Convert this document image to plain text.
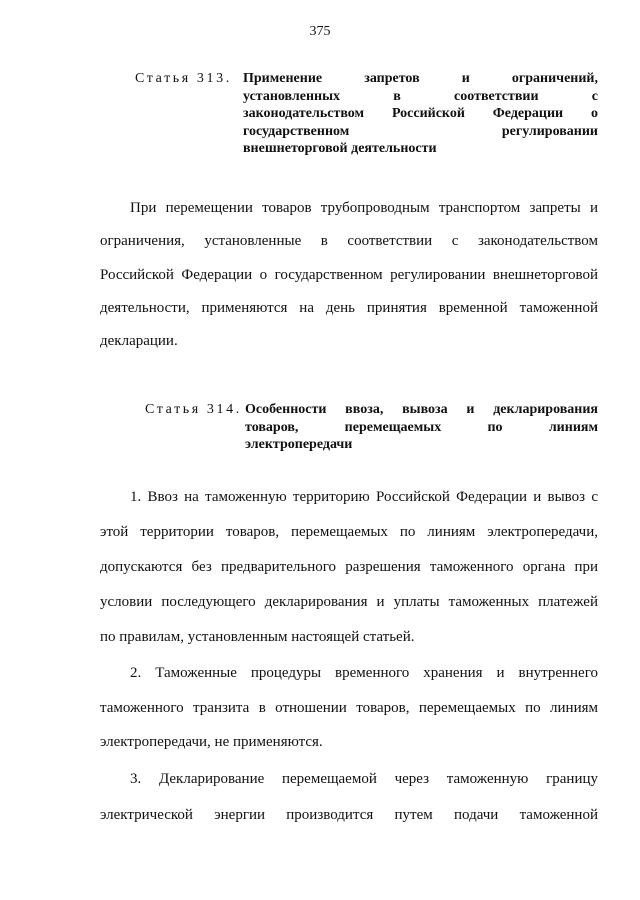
375
Статья 313. Применение запретов и ограничений,
установленных в соответствии с
законодательством Российской Федерации о
государственном регулировании
внешнеторговой деятельности
При перемещении товаров трубопроводным транспортом запреты и
ограничения, установленные в соответствии с законодательством
Российской Федерации о государственном регулировании внешнеторговой
деятельности, применяются на день принятия временной таможенной
декларации.
Статья 314. Особенности ввоза, вывоза и декларирования
товаров, перемещаемых по линиям
электропередачи
1. Ввоз на таможенную территорию Российской Федерации и вывоз с
этой территории товаров, перемещаемых по линиям электропередачи,
допускаются без предварительного разрешения таможенного органа при
условии последующего декларирования и уплаты таможенных платежей
по правилам, установленным настоящей статьей.
2. Таможенные процедуры временного хранения и внутреннего
таможенного транзита в отношении товаров, перемещаемых по линиям
электропередачи, не применяются.
3. Декларирование перемещаемой через таможенную границу
электрической энергии производится путем подачи таможенной
